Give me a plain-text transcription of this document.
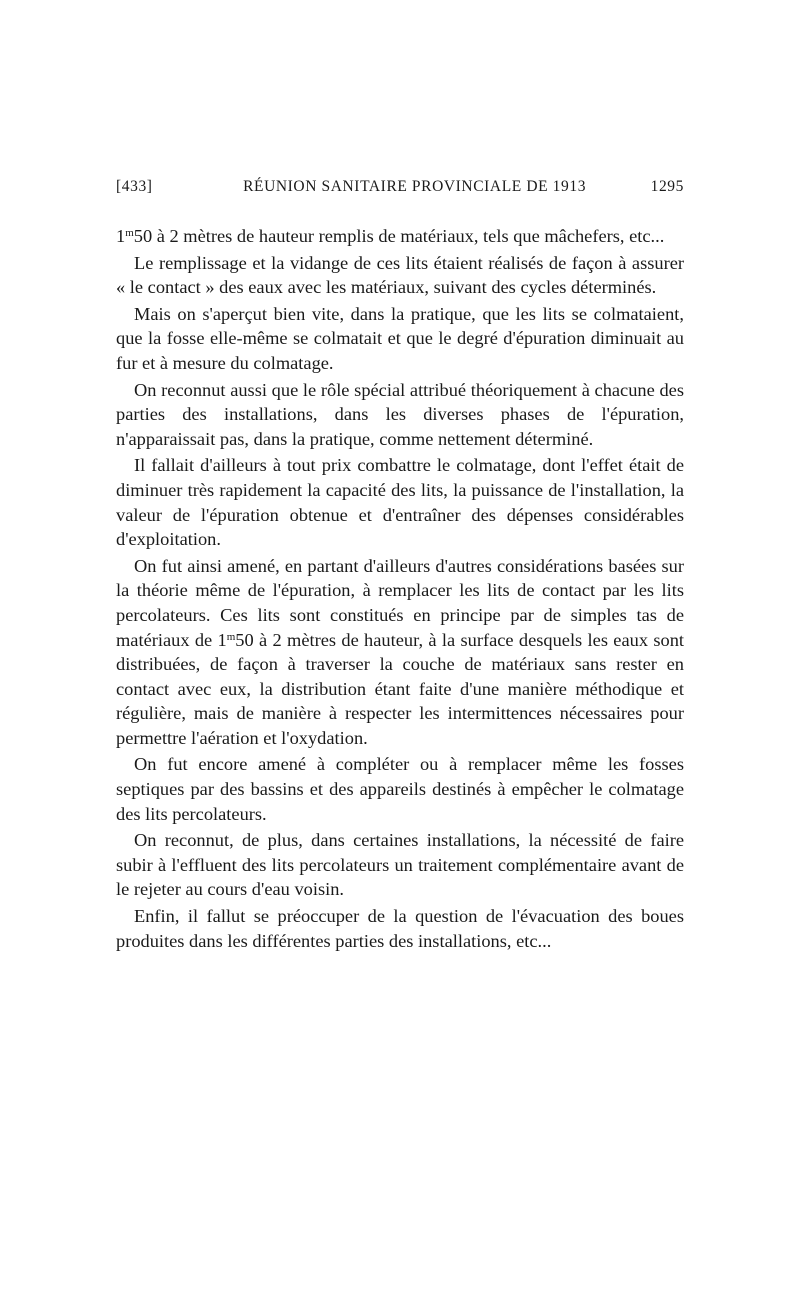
[433]	RÉUNION SANITAIRE PROVINCIALE DE 1913	1295

1$^m$50 à 2 mètres de hauteur remplis de matériaux, tels que mâchefers, etc...

Le remplissage et la vidange de ces lits étaient réalisés de façon à assurer « le contact » des eaux avec les matériaux, suivant des cycles déterminés.

Mais on s'aperçut bien vite, dans la pratique, que les lits se colmataient, que la fosse elle-même se colmatait et que le degré d'épuration diminuait au fur et à mesure du colmatage.

On reconnut aussi que le rôle spécial attribué théoriquement à chacune des parties des installations, dans les diverses phases de l'épuration, n'apparaissait pas, dans la pratique, comme nettement déterminé.

Il fallait d'ailleurs à tout prix combattre le colmatage, dont l'effet était de diminuer très rapidement la capacité des lits, la puissance de l'installation, la valeur de l'épuration obtenue et d'entraîner des dépenses considérables d'exploitation.

On fut ainsi amené, en partant d'ailleurs d'autres considérations basées sur la théorie même de l'épuration, à remplacer les lits de contact par les lits percolateurs. Ces lits sont constitués en principe par de simples tas de matériaux de 1$^m$50 à 2 mètres de hauteur, à la surface desquels les eaux sont distribuées, de façon à traverser la couche de matériaux sans rester en contact avec eux, la distribution étant faite d'une manière méthodique et régulière, mais de manière à respecter les intermittences nécessaires pour permettre l'aération et l'oxydation.

On fut encore amené à compléter ou à remplacer même les fosses septiques par des bassins et des appareils destinés à empêcher le colmatage des lits percolateurs.

On reconnut, de plus, dans certaines installations, la nécessité de faire subir à l'effluent des lits percolateurs un traitement complémentaire avant de le rejeter au cours d'eau voisin.

Enfin, il fallut se préoccuper de la question de l'évacuation des boues produites dans les différentes parties des installations, etc...
